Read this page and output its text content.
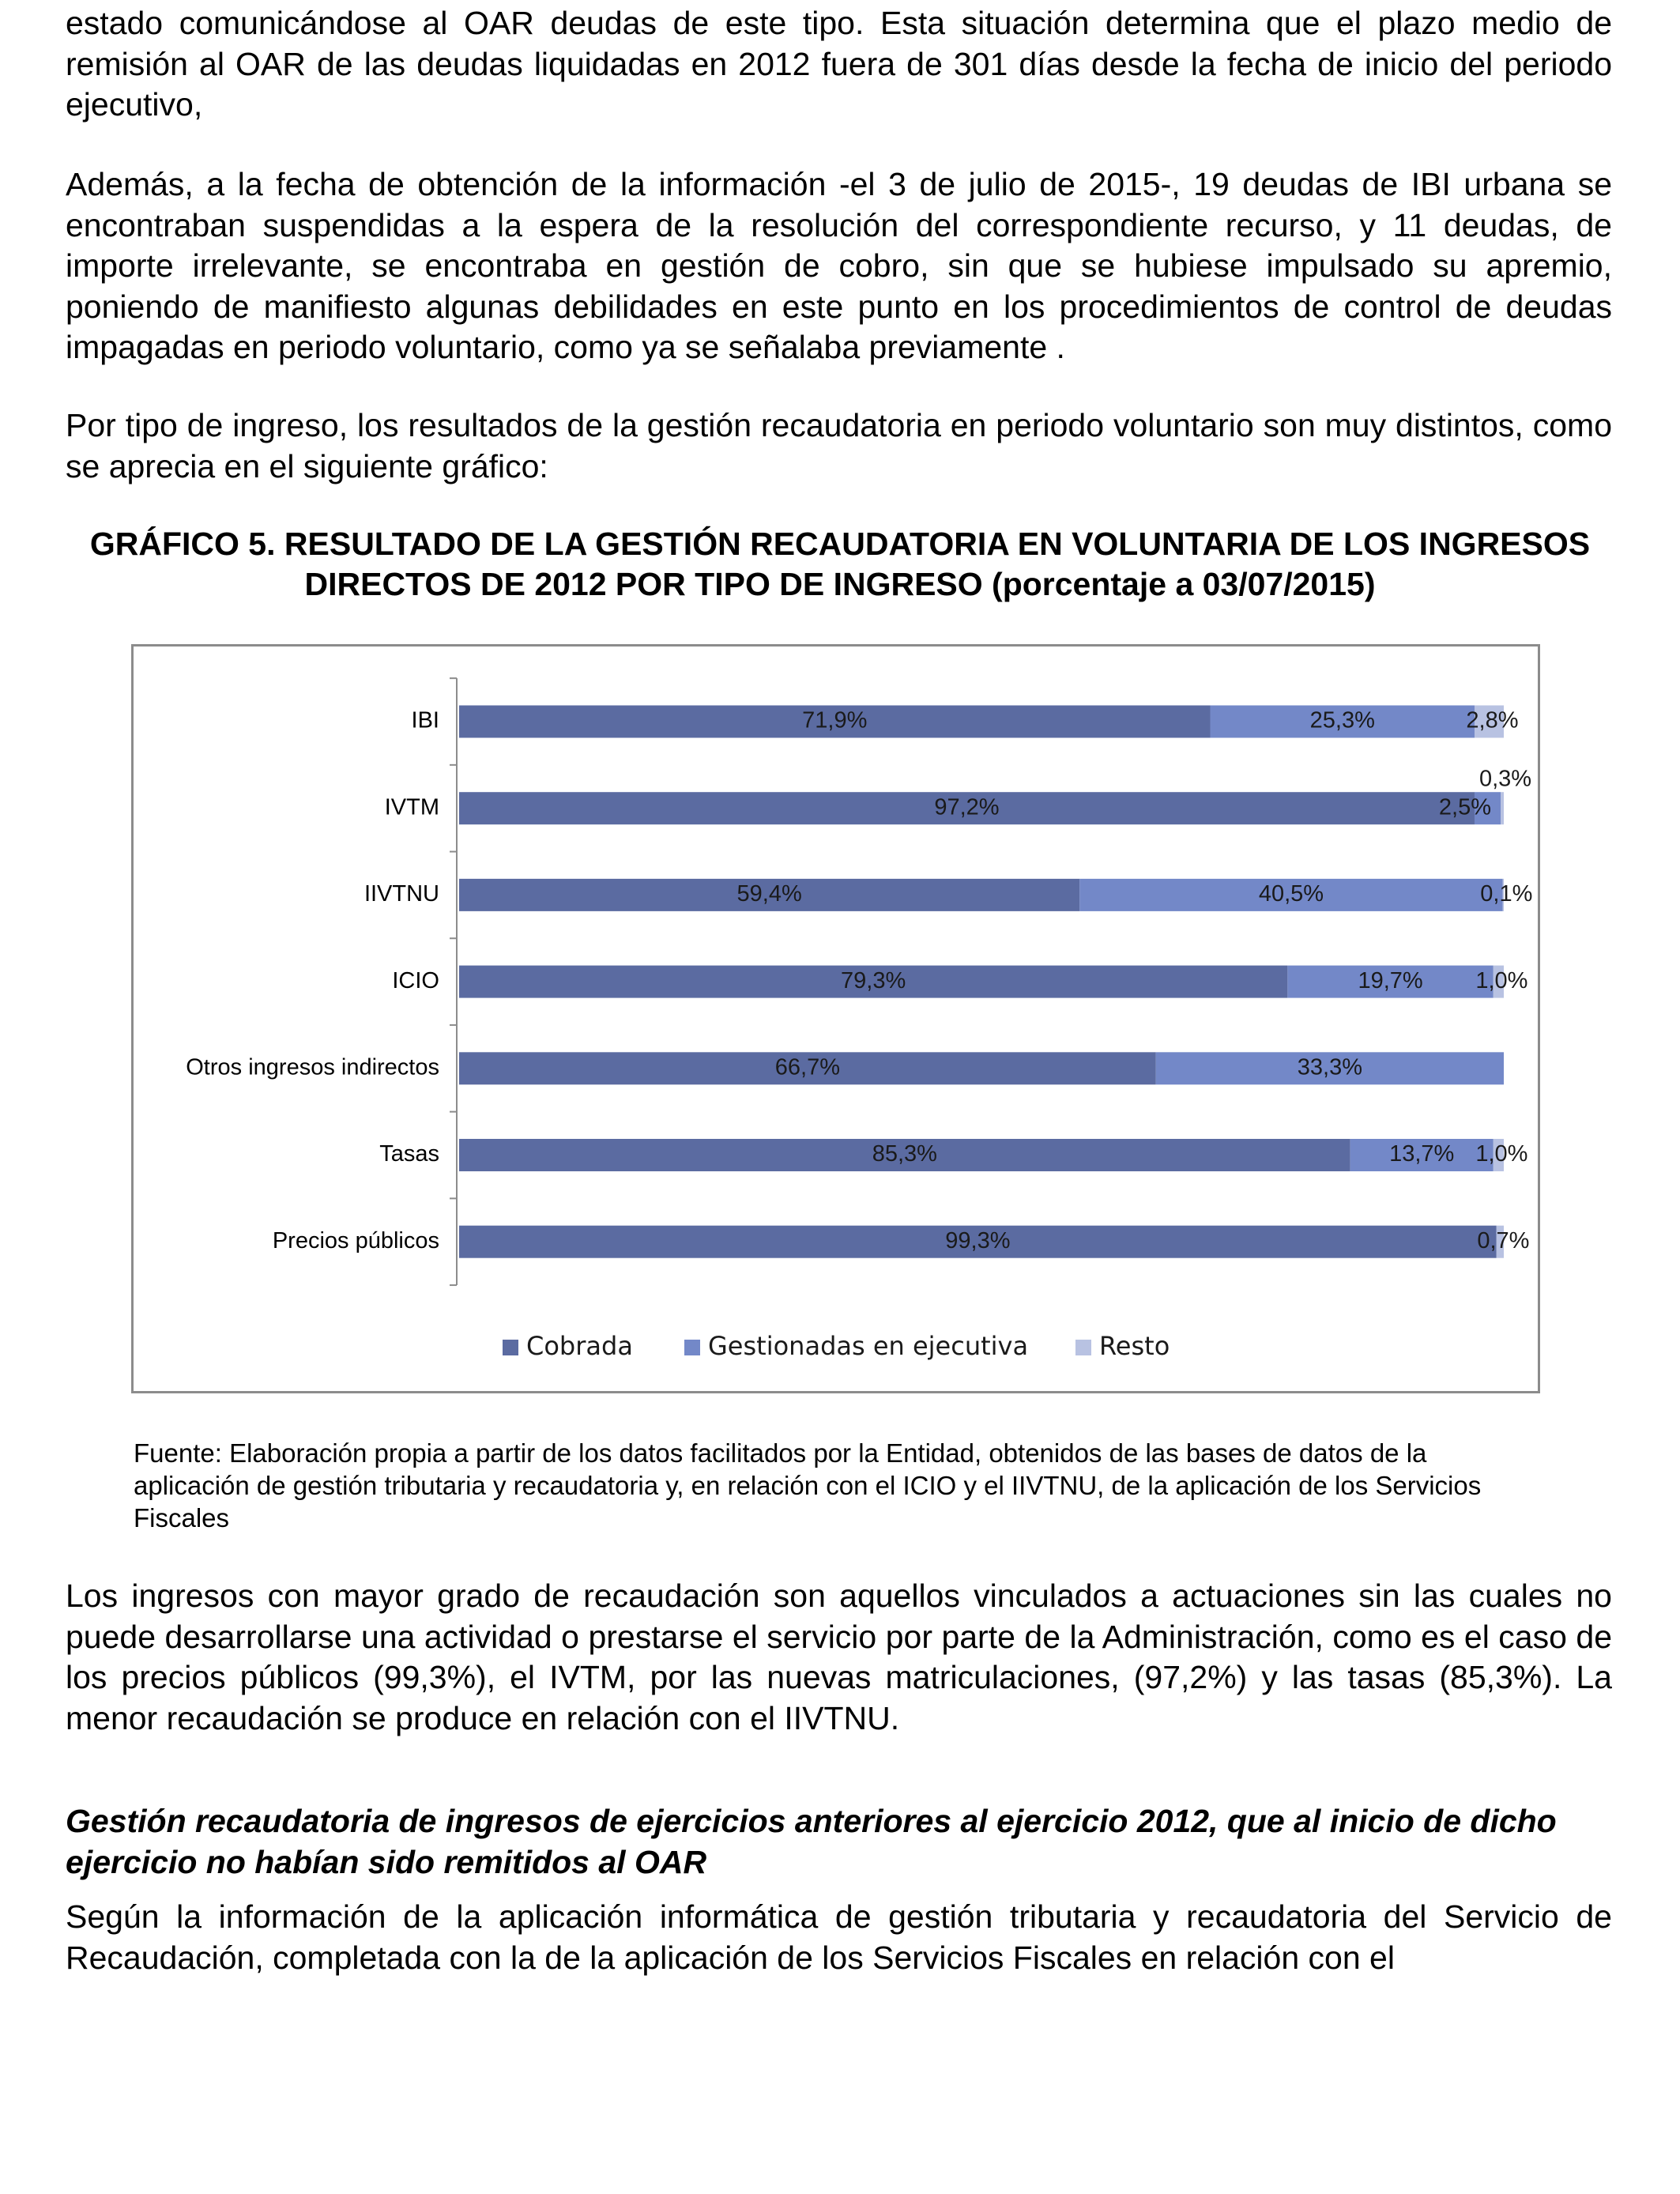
estado comunicándose al OAR deudas de este tipo. Esta situación determina que el plazo medio de remisión al OAR de las deudas liquidadas en 2012 fuera de 301 días desde la fecha de inicio del periodo ejecutivo,
Además, a la fecha de obtención de la información -el 3 de julio de 2015-, 19 deudas de IBI urbana se encontraban suspendidas a la espera de la resolución del correspondiente recurso, y 11 deudas, de importe irrelevante, se encontraba en gestión de cobro, sin que se hubiese impulsado su apremio, poniendo de manifiesto algunas debilidades en este punto en los procedimientos de control de deudas impagadas en periodo voluntario, como ya se señalaba previamente .
Por tipo de ingreso, los resultados de la gestión recaudatoria en periodo voluntario son muy distintos, como se aprecia en el siguiente gráfico:
GRÁFICO 5. RESULTADO DE LA GESTIÓN RECAUDATORIA EN VOLUNTARIA DE LOS INGRESOS DIRECTOS DE 2012 POR TIPO DE INGRESO (porcentaje a 03/07/2015)
IBI	71,9%	25,3%	2,8%
IVTM	97,2%	2,5%
0,3%
IIVTNU	59,4%	40,5%	0,1%
ICIO	79,3%	19,7% 1,0%
Otros ingresos indirectos	66,7%	33,3%
Tasas	85,3%	13,7% 1,0%
Precios públicos	99,3%	0,7%
Cobrada	Gestionadas en ejecutiva	Resto
Fuente: Elaboración propia a partir de los datos facilitados por la Entidad, obtenidos de las bases de datos de la aplicación de gestión tributaria y recaudatoria y, en relación con el ICIO y el IIVTNU, de la aplicación de los Servicios Fiscales
Los ingresos con mayor grado de recaudación son aquellos vinculados a actuaciones sin las cuales no puede desarrollarse una actividad o prestarse el servicio por parte de la Administración, como es el caso de los precios públicos (99,3%), el IVTM, por las nuevas matriculaciones, (97,2%) y las tasas (85,3%). La menor recaudación se produce en relación con el IIVTNU.
Gestión recaudatoria de ingresos de ejercicios anteriores al ejercicio 2012, que al inicio de dicho ejercicio no habían sido remitidos al OAR
Según la información de la aplicación informática de gestión tributaria y recaudatoria del Servicio de Recaudación, completada con la de la aplicación de los Servicios Fiscales en relación con el
